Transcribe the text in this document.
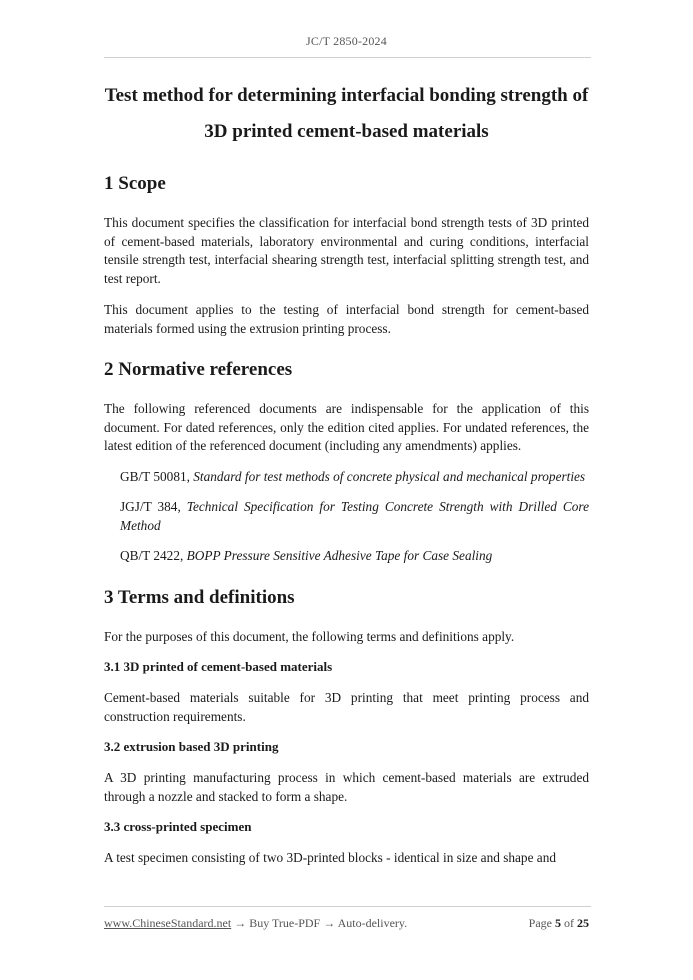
JC/T 2850-2024
Test method for determining interfacial bonding strength of
3D printed cement-based materials
1 Scope

This document specifies the classification for interfacial bond strength tests of 3D printed of cement-based materials, laboratory environmental and curing conditions, interfacial tensile strength test, interfacial shearing strength test, interfacial splitting strength test, and test report.

This document applies to the testing of interfacial bond strength for cement-based materials formed using the extrusion printing process.

2 Normative references

The following referenced documents are indispensable for the application of this document. For dated references, only the edition cited applies. For undated references, the latest edition of the referenced document (including any amendments) applies.

GB/T 50081, Standard for test methods of concrete physical and mechanical properties

JGJ/T 384, Technical Specification for Testing Concrete Strength with Drilled Core Method

QB/T 2422, BOPP Pressure Sensitive Adhesive Tape for Case Sealing

3 Terms and definitions

For the purposes of this document, the following terms and definitions apply.

3.1 3D printed of cement-based materials

Cement-based materials suitable for 3D printing that meet printing process and construction requirements.

3.2 extrusion based 3D printing

A 3D printing manufacturing process in which cement-based materials are extruded through a nozzle and stacked to form a shape.

3.3 cross-printed specimen

A test specimen consisting of two 3D-printed blocks - identical in size and shape and

www.ChineseStandard.net → Buy True-PDF → Auto-delivery.	Page 5 of 25
